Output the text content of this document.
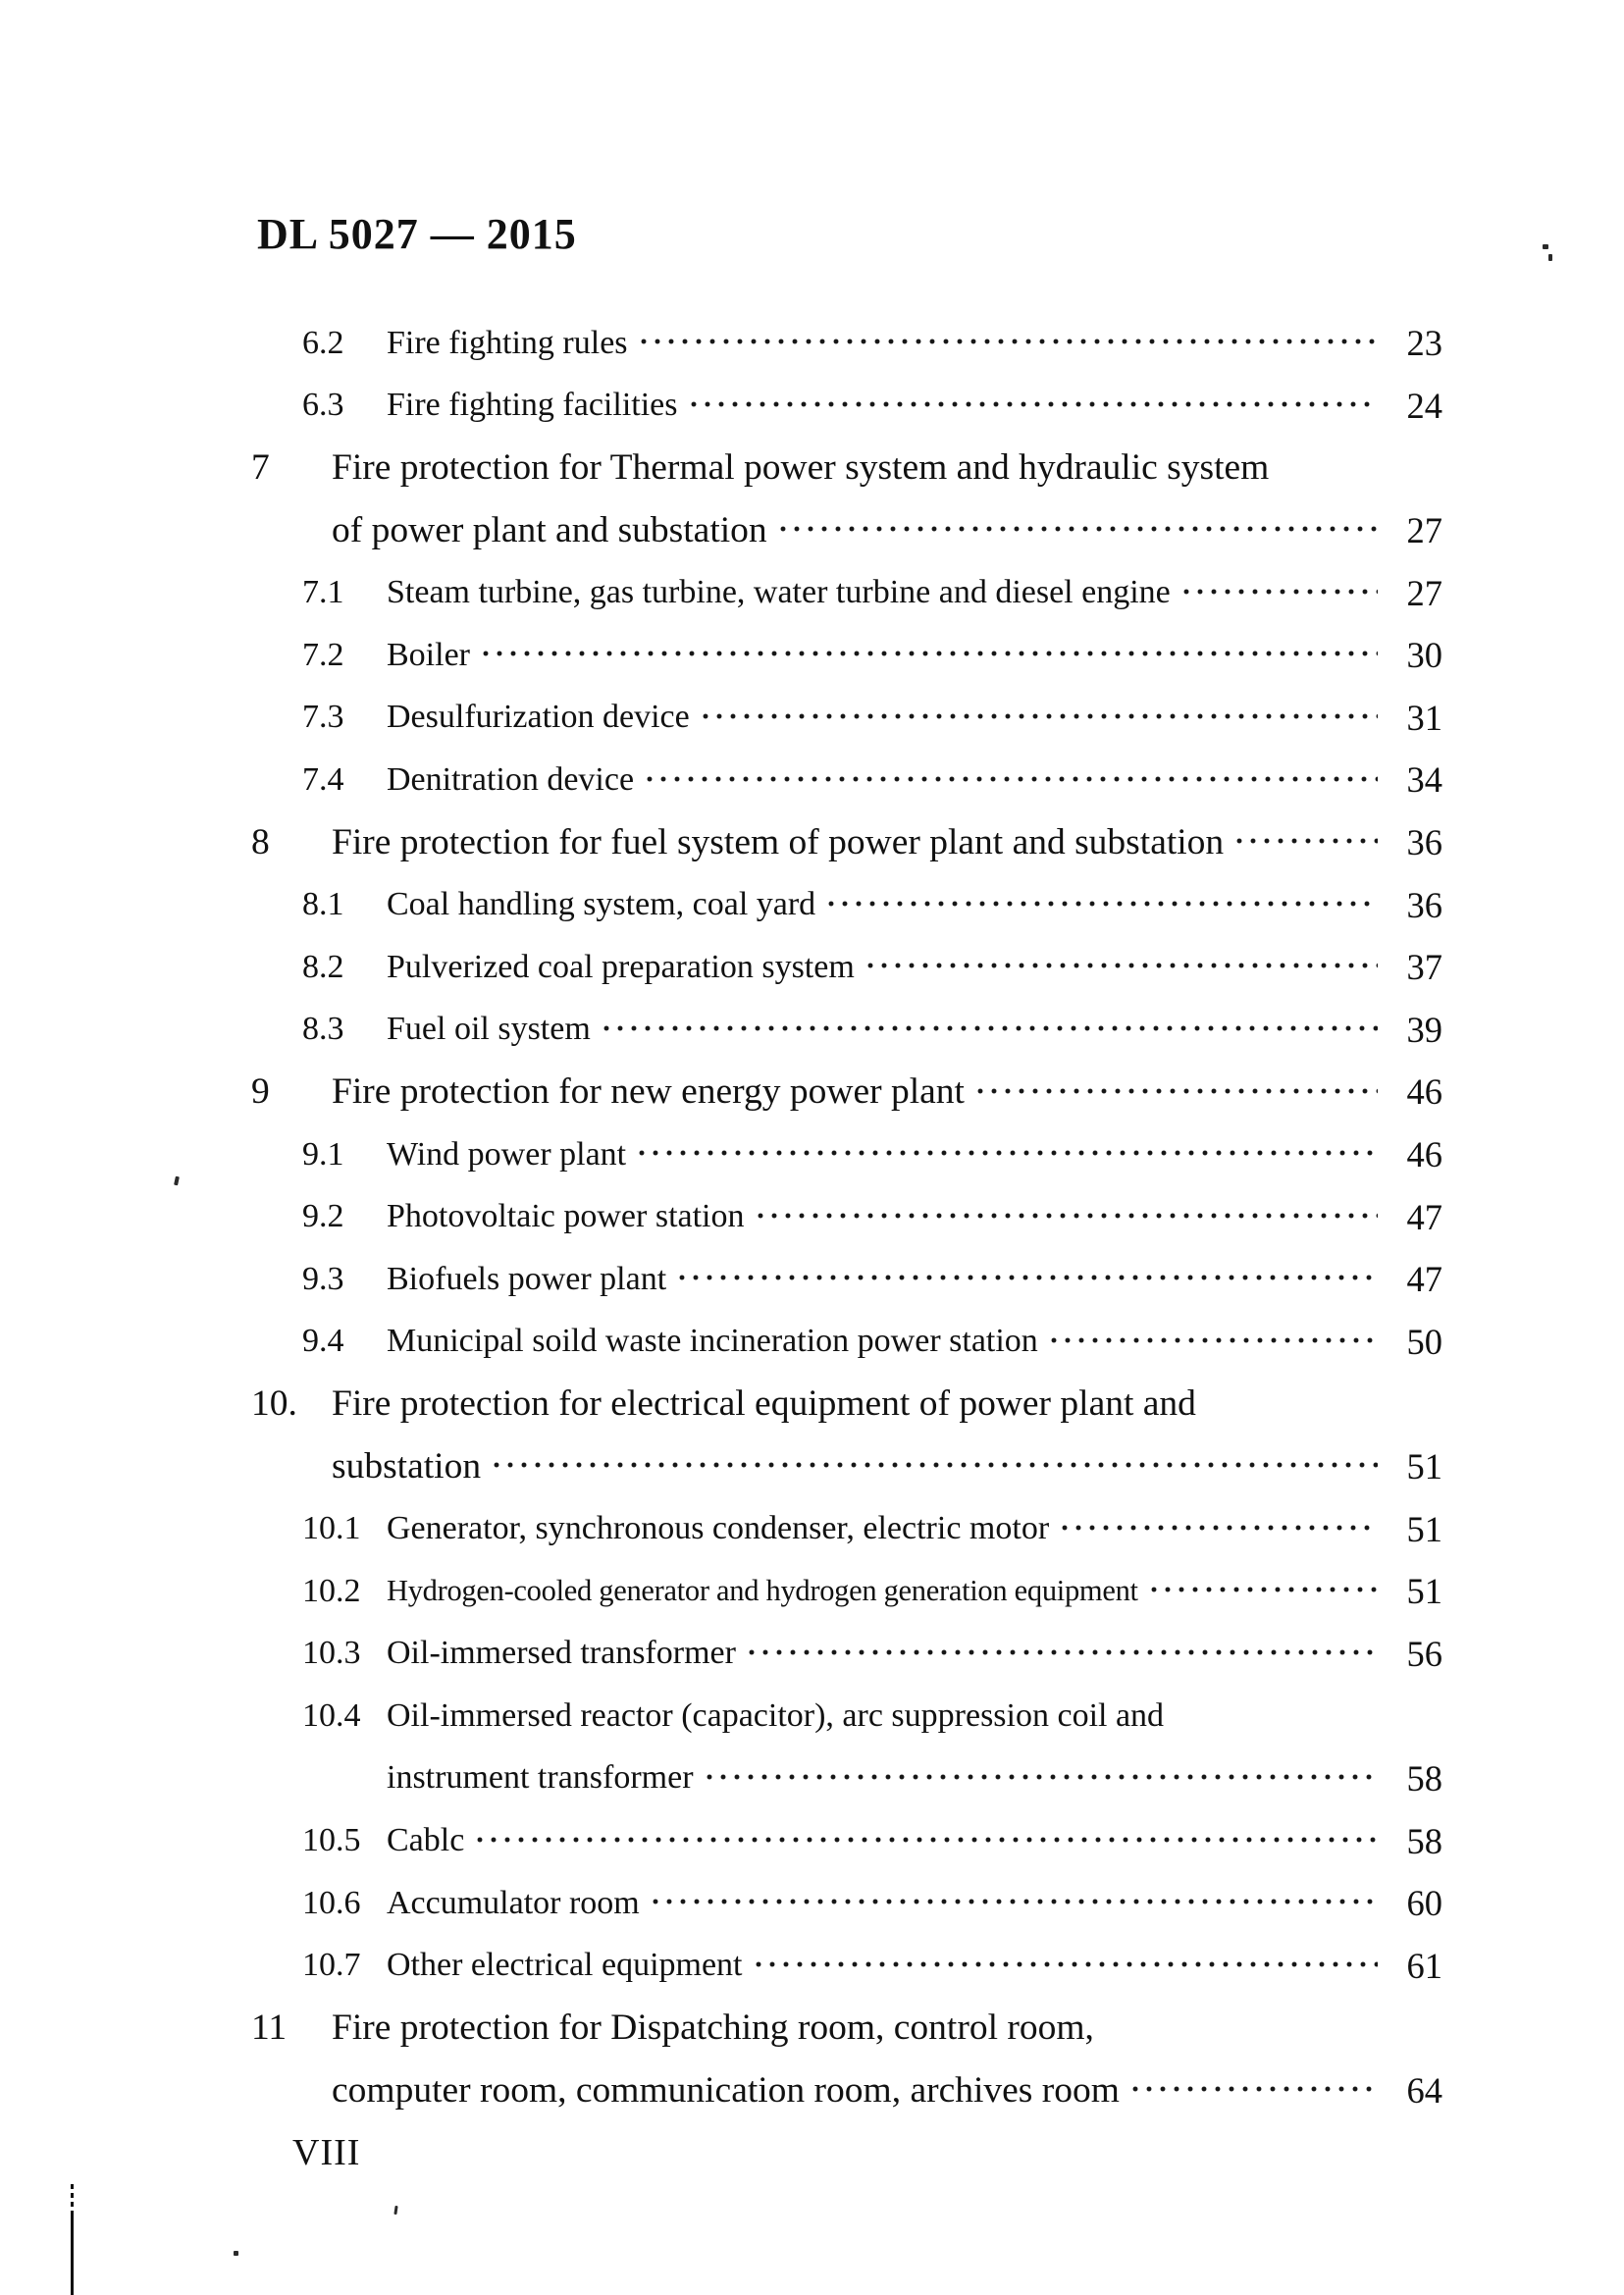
DL 5027 — 2015
6.2	Fire fighting rules	23
6.3	Fire fighting facilities	24
7	Fire protection for Thermal power system and hydraulic system
of power plant and substation	27
7.1	Steam turbine, gas turbine, water turbine and diesel engine	27
7.2	Boiler	30
7.3	Desulfurization device	31
7.4	Denitration device	34
8	Fire protection for fuel system of power plant and substation	36
8.1	Coal handling system, coal yard	36
8.2	Pulverized coal preparation system	37
8.3	Fuel oil system	39
9	Fire protection for new energy power plant	46
9.1	Wind power plant	46
9.2	Photovoltaic power station	47
9.3	Biofuels power plant	47
9.4	Municipal soild waste incineration power station	50
10. Fire protection for electrical equipment of power plant and
substation	51
10.1 Generator, synchronous condenser, electric motor	51
10.2 Hydrogen-cooled generator and hydrogen generation equipment	51
10.3 Oil-immersed transformer	56
10.4 Oil-immersed reactor (capacitor), arc suppression coil and
instrument transformer	58
10.5 Cablc	58
10.6 Accumulator room	60
10.7 Other electrical equipment	61
11	Fire protection for Dispatching room, control room,
computer room, communication room, archives room	64
VIII
